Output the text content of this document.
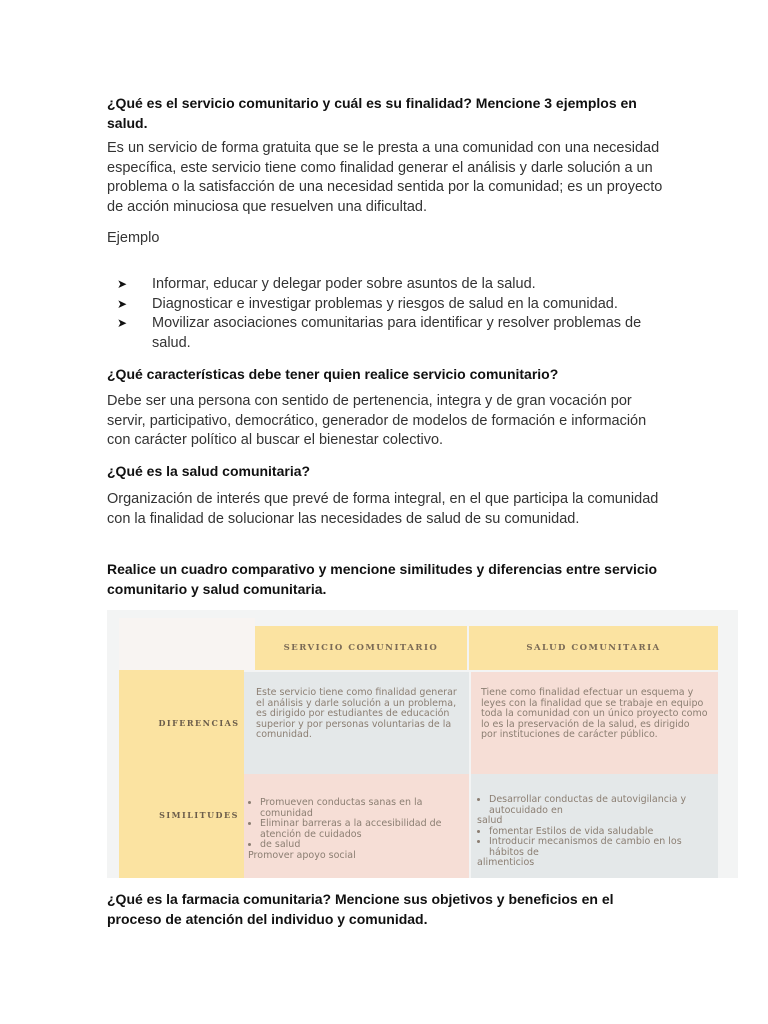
¿Qué es el servicio comunitario y cuál es su finalidad? Mencione 3 ejemplos en salud.
Es un servicio de forma gratuita que se le presta a una comunidad con una necesidad específica, este servicio tiene como finalidad generar el análisis y darle solución a un problema o la satisfacción de una necesidad sentida por la comunidad; es un proyecto de acción minuciosa que resuelven una dificultad.
Ejemplo
➤ Informar, educar y delegar poder sobre asuntos de la salud.
➤ Diagnosticar e investigar problemas y riesgos de salud en la comunidad.
➤ Movilizar asociaciones comunitarias para identificar y resolver problemas de salud.
¿Qué características debe tener quien realice servicio comunitario?
Debe ser una persona con sentido de pertenencia, integra y de gran vocación por servir, participativo, democrático, generador de modelos de formación e información con carácter político al buscar el bienestar colectivo.
¿Qué es la salud comunitaria?
Organización de interés que prevé de forma integral, en el que participa la comunidad con la finalidad de solucionar las necesidades de salud de su comunidad.
Realice un cuadro comparativo y mencione similitudes y diferencias entre servicio comunitario y salud comunitaria.
SERVICIO COMUNITARIO	SALUD COMUNITARIA
DIFERENCIAS
SIMILITUDES
Este servicio tiene como finalidad generar el análisis y darle solución a un problema, es dirigido por estudiantes de educación superior y por personas voluntarias de la comunidad.
Tiene como finalidad efectuar un esquema y leyes con la finalidad que se trabaje en equipo toda la comunidad con un único proyecto como lo es la preservación de la salud, es dirigido por instituciones de carácter público.
• Promueven conductas sanas en la comunidad
• Eliminar barreras a la accesibilidad de atención de cuidados
• de salud
Promover apoyo social
• Desarrollar conductas de autovigilancia y autocuidado en
salud
• fomentar Estilos de vida saludable
• Introducir mecanismos de cambio en los hábitos de
alimenticios
¿Qué es la farmacia comunitaria? Mencione sus objetivos y beneficios en el proceso de atención del individuo y comunidad.
